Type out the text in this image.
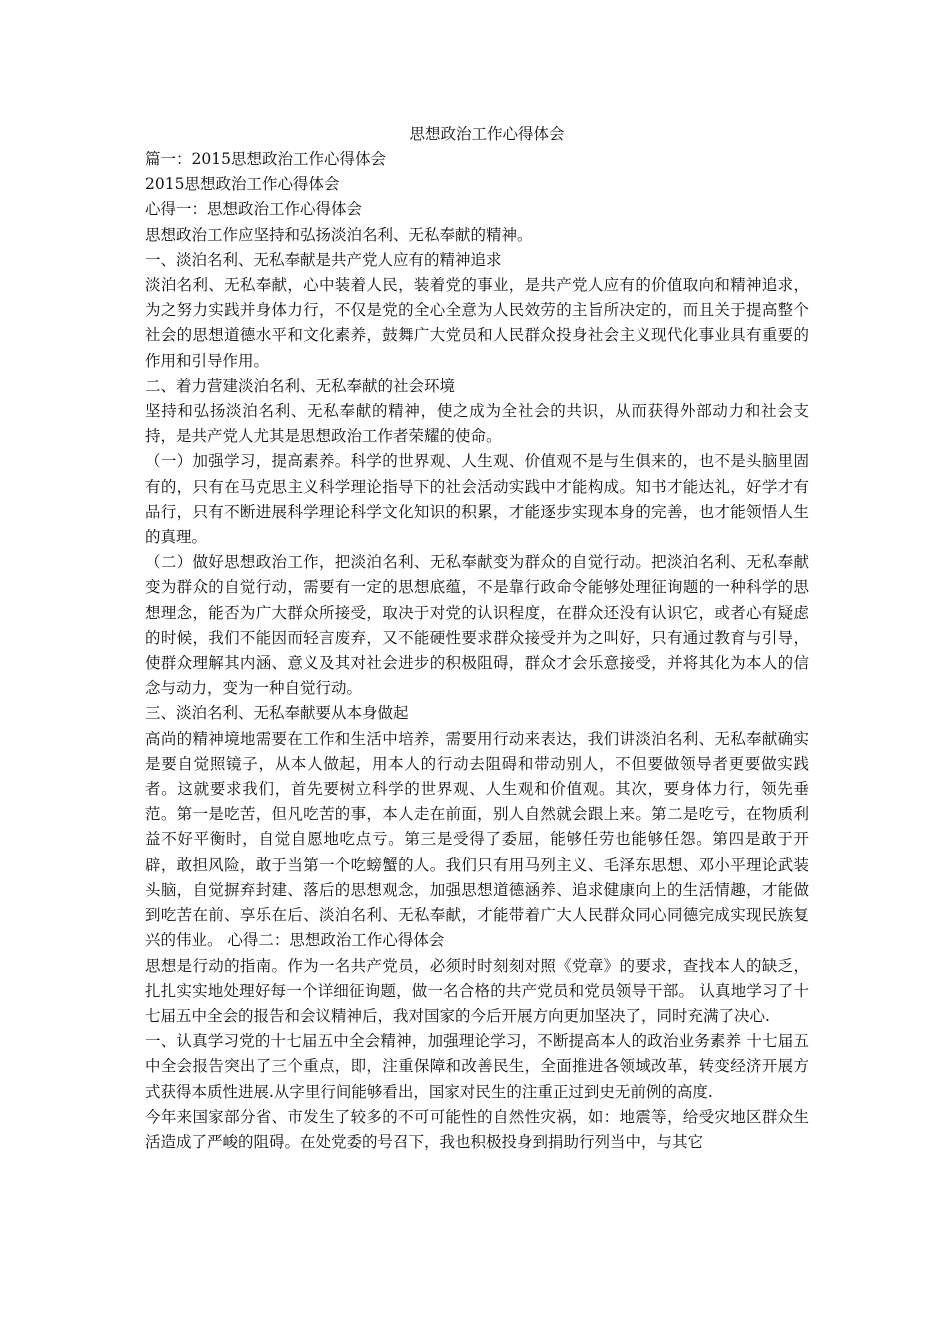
思想政治工作心得体会

篇一：2015思想政治工作心得体会

2015思想政治工作心得体会

心得一：思想政治工作心得体会

思想政治工作应坚持和弘扬淡泊名利、无私奉献的精神。

一、淡泊名利、无私奉献是共产党人应有的精神追求

淡泊名利、无私奉献，心中装着人民，装着党的事业，是共产党人应有的价值取向和精神追求，为之努力实践并身体力行，不仅是党的全心全意为人民效劳的主旨所决定的，而且关于提高整个社会的思想道德水平和文化素养，鼓舞广大党员和人民群众投身社会主义现代化事业具有重要的作用和引导作用。

二、着力营建淡泊名利、无私奉献的社会环境

坚持和弘扬淡泊名利、无私奉献的精神，使之成为全社会的共识，从而获得外部动力和社会支持，是共产党人尤其是思想政治工作者荣耀的使命。

（一）加强学习，提高素养。科学的世界观、人生观、价值观不是与生俱来的，也不是头脑里固有的，只有在马克思主义科学理论指导下的社会活动实践中才能构成。知书才能达礼，好学才有品行，只有不断进展科学理论科学文化知识的积累，才能逐步实现本身的完善，也才能领悟人生的真理。

（二）做好思想政治工作，把淡泊名利、无私奉献变为群众的自觉行动。把淡泊名利、无私奉献变为群众的自觉行动，需要有一定的思想底蕴，不是靠行政命令能够处理征询题的一种科学的思想理念，能否为广大群众所接受，取决于对党的认识程度，在群众还没有认识它，或者心有疑虑的时候，我们不能因而轻言废弃，又不能硬性要求群众接受并为之叫好，只有通过教育与引导，使群众理解其内涵、意义及其对社会进步的积极阻碍，群众才会乐意接受，并将其化为本人的信念与动力，变为一种自觉行动。

三、淡泊名利、无私奉献要从本身做起

高尚的精神境地需要在工作和生活中培养，需要用行动来表达，我们讲淡泊名利、无私奉献确实是要自觉照镜子，从本人做起，用本人的行动去阻碍和带动别人，不但要做领导者更要做实践者。这就要求我们，首先要树立科学的世界观、人生观和价值观。其次，要身体力行，领先垂范。第一是吃苦，但凡吃苦的事，本人走在前面，别人自然就会跟上来。第二是吃亏，在物质利益不好平衡时，自觉自愿地吃点亏。第三是受得了委屈，能够任劳也能够任怨。第四是敢于开辟，敢担风险，敢于当第一个吃螃蟹的人。我们只有用马列主义、毛泽东思想、邓小平理论武装头脑，自觉摒弃封建、落后的思想观念，加强思想道德涵养、追求健康向上的生活情趣，才能做到吃苦在前、享乐在后、淡泊名利、无私奉献，才能带着广大人民群众同心同德完成实现民族复兴的伟业。 心得二：思想政治工作心得体会

思想是行动的指南。作为一名共产党员，必须时时刻刻对照《党章》的要求，查找本人的缺乏，扎扎实实地处理好每一个详细征询题，做一名合格的共产党员和党员领导干部。 认真地学习了十七届五中全会的报告和会议精神后，我对国家的今后开展方向更加坚决了，同时充满了决心.

一、认真学习党的十七届五中全会精神，加强理论学习，不断提高本人的政治业务素养 十七届五中全会报告突出了三个重点，即，注重保障和改善民生，全面推进各领域改革，转变经济开展方式获得本质性进展.从字里行间能够看出，国家对民生的注重正过到史无前例的高度.

今年来国家部分省、市发生了较多的不可可能性的自然性灾祸，如：地震等，给受灾地区群众生活造成了严峻的阻碍。在处党委的号召下，我也积极投身到捐助行列当中，与其它
